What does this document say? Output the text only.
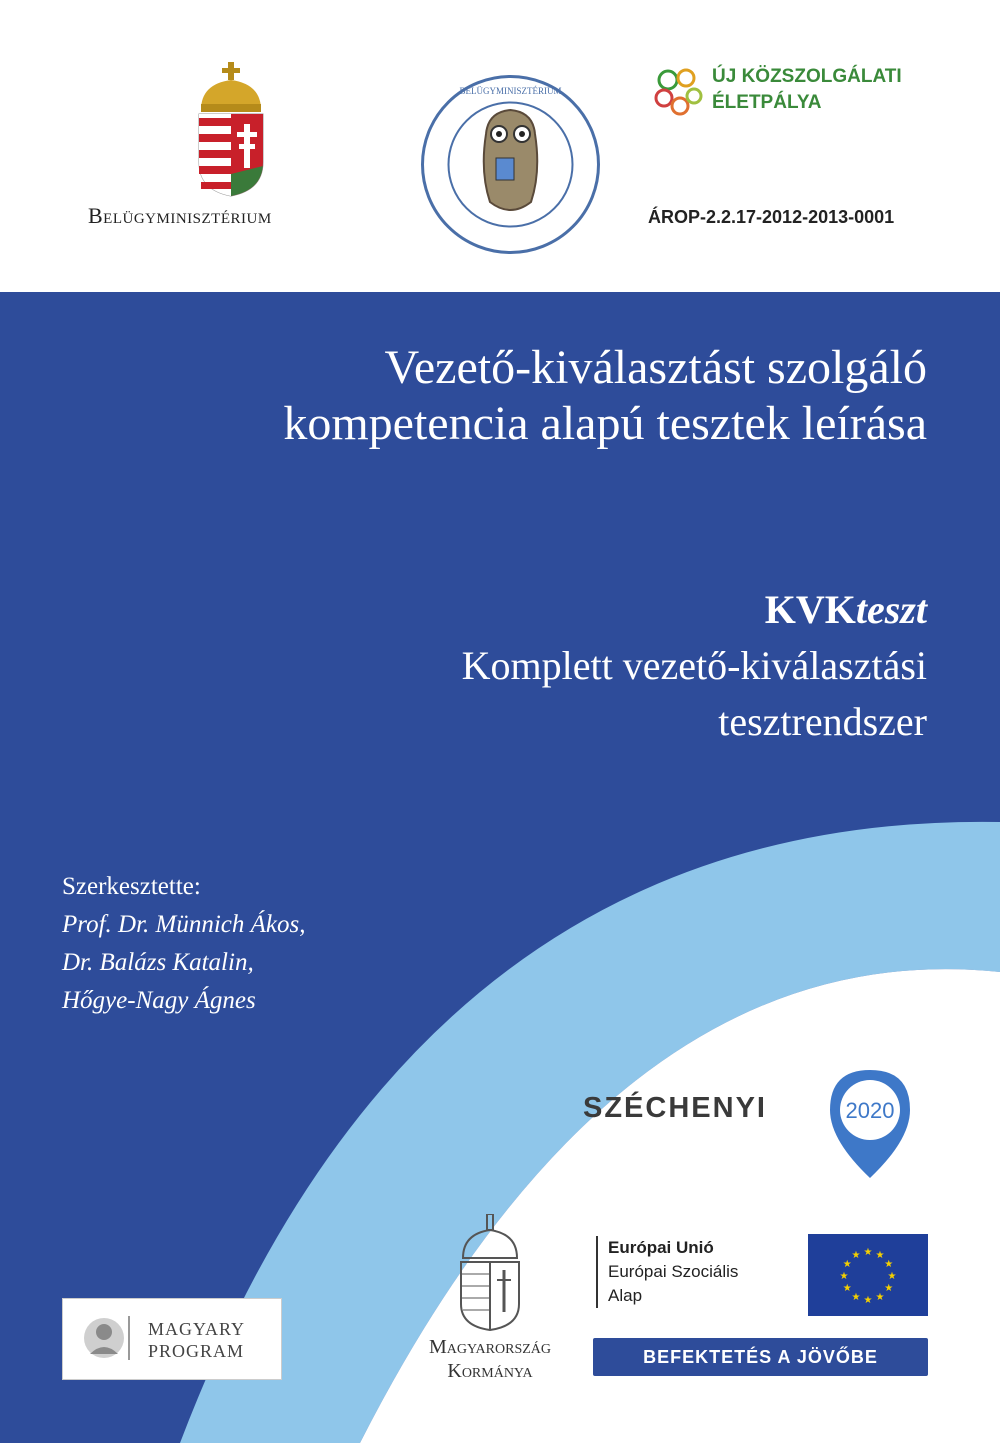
Belügyminisztérium
BELÜGYMINISZTÉRIUM
ÚJ KÖZSZOLGÁLATI
ÉLETPÁLYA
ÁROP-2.2.17-2012-2013-0001
Vezető-kiválasztást szolgáló
kompetencia alapú tesztek leírása
KVKteszt
Komplett vezető-kiválasztási
tesztrendszer
Szerkesztette:
Prof. Dr. Münnich Ákos,
Dr. Balázs Katalin,
Hőgye-Nagy Ágnes
SZÉCHENYI	2020
MAGYARY
PROGRAM	Magyarország
Kormánya
Európai Unió
Európai Szociális
Alap
★
★
★
★
★
★
★
★
★ ★ ★
★
BEFEKTETÉS A JÖVŐBE
